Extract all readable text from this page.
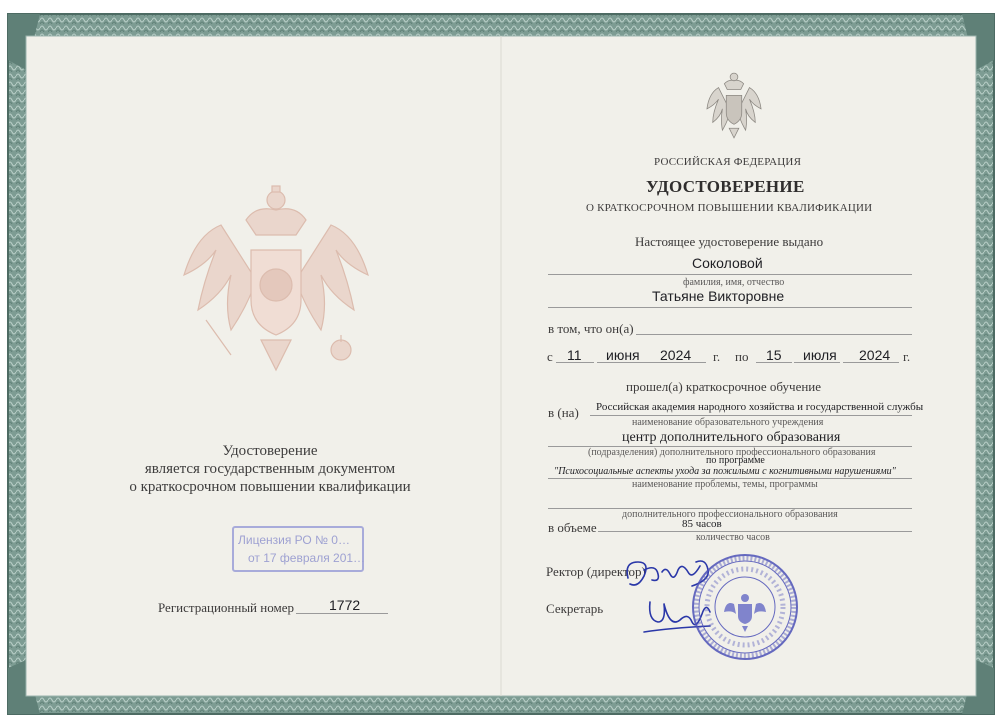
Удостоверение
является государственным документом
о краткосрочном повышении квалификации
Лицензия РО № 0…
от 17 февраля 201…
Регистрационный номер	1772
РОССИЙСКАЯ ФЕДЕРАЦИЯ
УДОСТОВЕРЕНИЕ
О КРАТКОСРОЧНОМ ПОВЫШЕНИИ КВАЛИФИКАЦИИ
Настоящее удостоверение выдано
Соколовой
фамилия, имя, отчество
Татьяне Викторовне
в том, что он(а)
с 11 июня 2024 г. по 15 июля 2024 г.
прошел(а) краткосрочное обучение
в (на) Российская академия народного хозяйства и государственной службы
наименование образовательного учреждения
центр дополнительного образования
(подразделения) дополнительного профессионального образования
по программе
"Психосоциальные аспекты ухода за пожилыми с когнитивными нарушениями"
наименование проблемы, темы, программы
дополнительного профессионального образования
в объеме	85 часов
количество часов
Ректор (директор)
Секретарь
